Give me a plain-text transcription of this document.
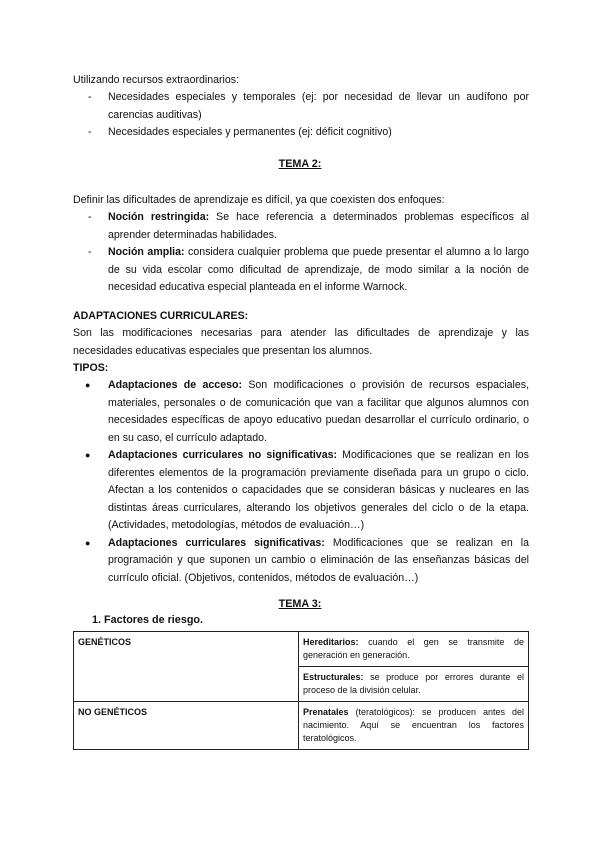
Utilizando recursos extraordinarios:

- Necesidades especiales y temporales (ej: por necesidad de llevar un audífono por carencias auditivas)
- Necesidades especiales y permanentes (ej: déficit cognitivo)
TEMA 2:

Definir las dificultades de aprendizaje es difícil, ya que coexisten dos enfoques:

- Noción restringida: Se hace referencia a determinados problemas específicos al aprender determinadas habilidades.
- Noción amplia: considera cualquier problema que puede presentar el alumno a lo largo de su vida escolar como dificultad de aprendizaje, de modo similar a la noción de necesidad educativa especial planteada en el informe Warnock.

ADAPTACIONES CURRICULARES:

Son las modificaciones necesarias para atender las dificultades de aprendizaje y las necesidades educativas especiales que presentan los alumnos.

TIPOS:

● Adaptaciones de acceso: Son modificaciones o provisión de recursos espaciales, materiales, personales o de comunicación que van a facilitar que algunos alumnos con necesidades específicas de apoyo educativo puedan desarrollar el currículo ordinario, o en su caso, el currículo adaptado.
● Adaptaciones curriculares no significativas: Modificaciones que se realizan en los diferentes elementos de la programación previamente diseñada para un grupo o ciclo. Afectan a los contenidos o capacidades que se consideran básicas y nucleares en las distintas áreas curriculares, alterando los objetivos generales del ciclo o de la etapa. (Actividades, metodologías, métodos de evaluación…)
● Adaptaciones curriculares significativas: Modificaciones que se realizan en la programación y que suponen un cambio o eliminación de las enseñanzas básicas del currículo oficial. (Objetivos, contenidos, métodos de evaluación…)
TEMA 3:
1. Factores de riesgo.
GENÉTICOS	Hereditarios: cuando el gen se transmite de generación en generación.
	Estructurales: se produce por errores durante el proceso de la división celular.
NO GENÉTICOS	Prenatales (teratológicos): se producen antes del nacimiento. Aquí se encuentran los factores teratológicos.
